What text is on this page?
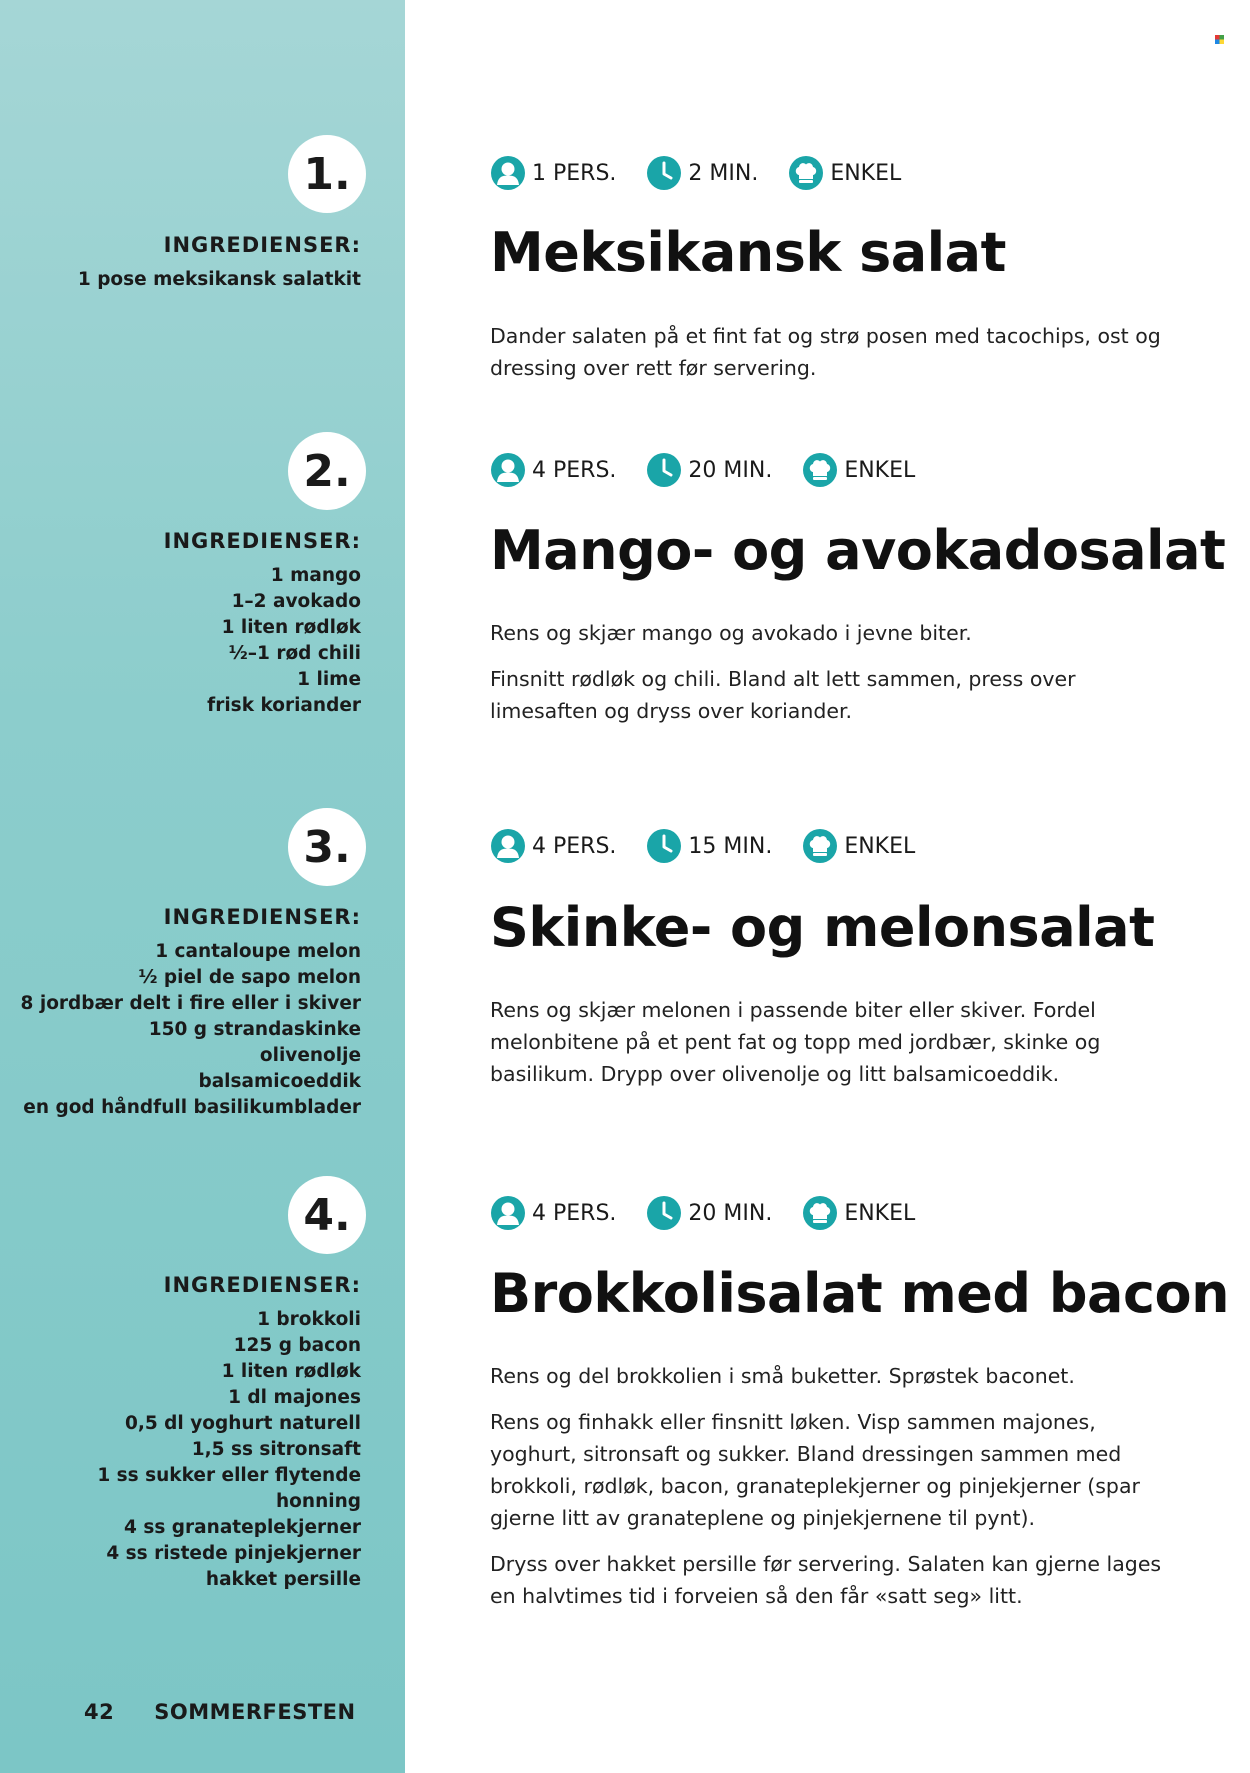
1.
INGREDIENSER:
1 pose meksikansk salatkit
1 PERS.	2 MIN.	ENKEL
Meksikansk salat

Dander salaten på et fint fat og strø posen med tacochips, ost og dressing over rett før servering.

2.
INGREDIENSER:
1 mango
1–2 avokado
1 liten rødløk
½–1 rød chili
1 lime
frisk koriander
4 PERS.	20 MIN.	ENKEL
Mango- og avokadosalat

Rens og skjær mango og avokado i jevne biter.

Finsnitt rødløk og chili. Bland alt lett sammen, press over limesaften og dryss over koriander.

3.
INGREDIENSER:
1 cantaloupe melon
½ piel de sapo melon
8 jordbær delt i fire eller i skiver
150 g strandaskinke
olivenolje
balsamicoeddik
en god håndfull basilikumblader
4 PERS.	15 MIN.	ENKEL
Skinke- og melonsalat

Rens og skjær melonen i passende biter eller skiver. Fordel melonbitene på et pent fat og topp med jordbær, skinke og basilikum. Drypp over olivenolje og litt balsamicoeddik.

4.
INGREDIENSER:
1 brokkoli
125 g bacon
1 liten rødløk
1 dl majones
0,5 dl yoghurt naturell
1,5 ss sitronsaft
1 ss sukker eller flytende
honning
4 ss granateplekjerner
4 ss ristede pinjekjerner
hakket persille
4 PERS.	20 MIN.	ENKEL
Brokkolisalat med bacon

Rens og del brokkolien i små buketter. Sprøstek baconet.

Rens og finhakk eller finsnitt løken. Visp sammen majones, yoghurt, sitronsaft og sukker. Bland dressingen sammen med brokkoli, rødløk, bacon, granateplekjerner og pinjekjerner (spar gjerne litt av granateplene og pinjekjernene til pynt).

Dryss over hakket persille før servering. Salaten kan gjerne lages en halvtimes tid i forveien så den får «satt seg» litt.

42 SOMMERFESTEN
